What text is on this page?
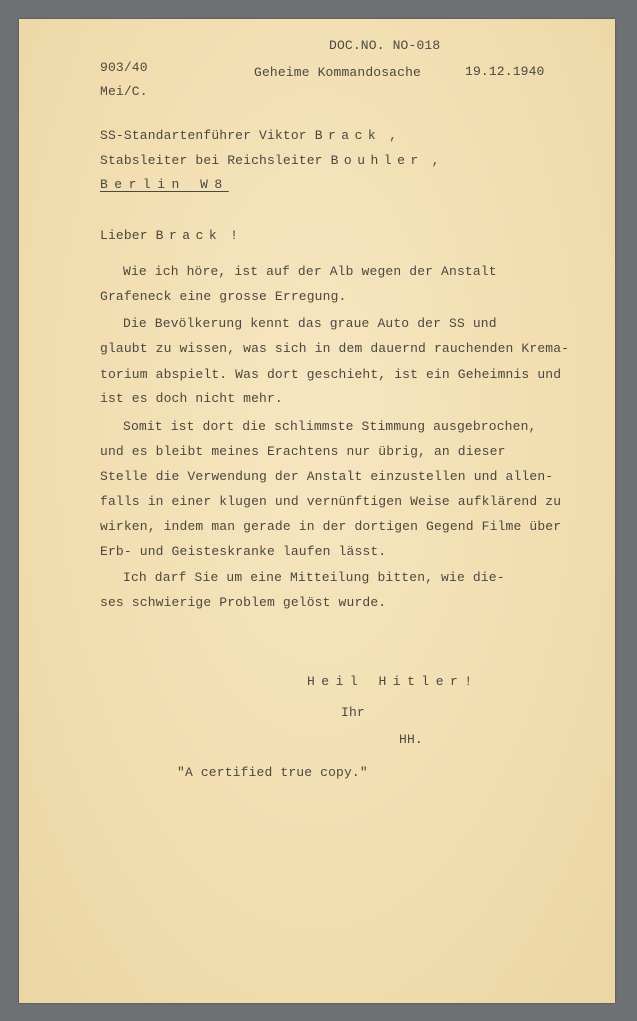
DOC.NO. NO-018
903/40	Geheime Kommandosache	19.12.1940
Mei/C.
SS-Standartenführer Viktor Brack ,
Stabsleiter bei Reichsleiter Bouhler ,
Berlin W8
Lieber Brack !
Wie ich höre, ist auf der Alb wegen der Anstalt
Grafeneck eine grosse Erregung.
Die Bevölkerung kennt das graue Auto der SS und
glaubt zu wissen, was sich in dem dauernd rauchenden Krema-
torium abspielt. Was dort geschieht, ist ein Geheimnis und
ist es doch nicht mehr.
Somit ist dort die schlimmste Stimmung ausgebrochen,
und es bleibt meines Erachtens nur übrig, an dieser
Stelle die Verwendung der Anstalt einzustellen und allen-
falls in einer klugen und vernünftigen Weise aufklärend zu
wirken, indem man gerade in der dortigen Gegend Filme über
Erb- und Geisteskranke laufen lässt.
Ich darf Sie um eine Mitteilung bitten, wie die-
ses schwierige Problem gelöst wurde.
Heil Hitler!
Ihr
HH.
"A certified true copy."
